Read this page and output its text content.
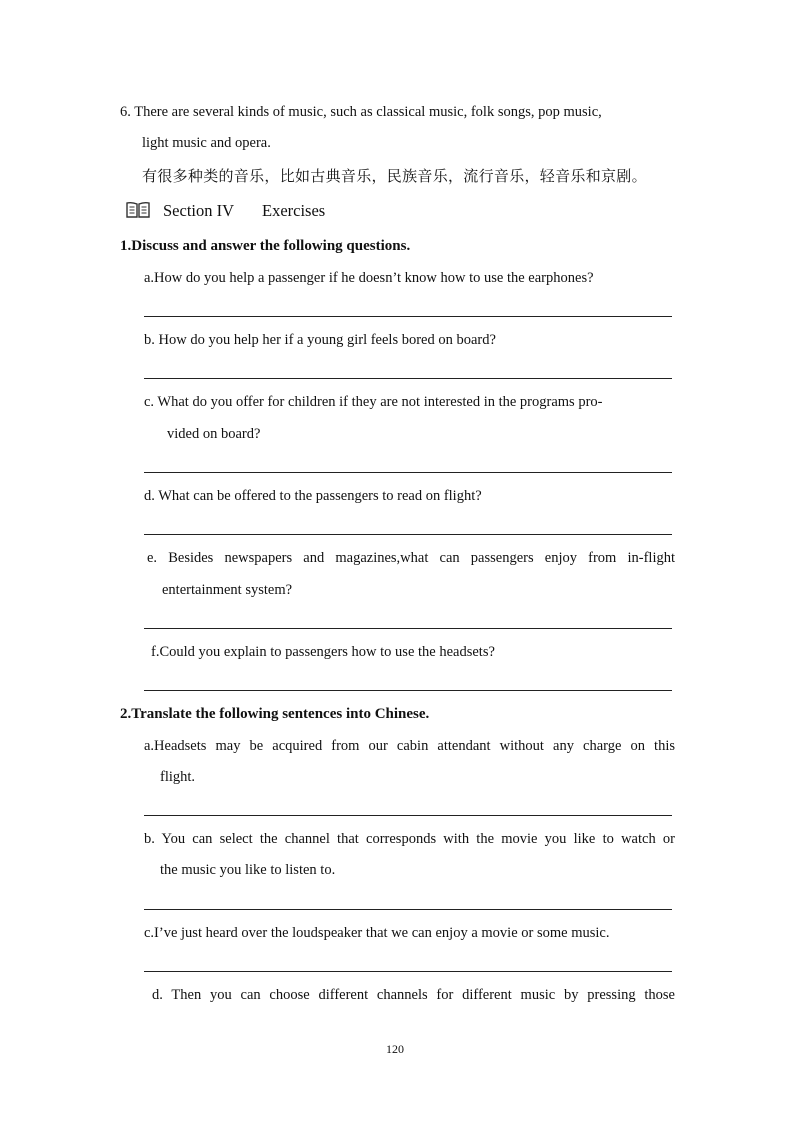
6. There are several kinds of music, such as classical music, folk songs, pop music,
light music and opera.
有很多种类的音乐，比如古典音乐，民族音乐，流行音乐，轻音乐和京剧。
Section IV Exercises
1.Discuss and answer the following questions.
a.How do you help a passenger if he doesn’t know how to use the earphones?
b. How do you help her if a young girl feels bored on board?
c. What do you offer for children if they are not interested in the programs pro-
vided on board?
d. What can be offered to the passengers to read on flight?
e. Besides newspapers and magazines,what can passengers enjoy from in-flight
entertainment system?
f.Could you explain to passengers how to use the headsets?
2.Translate the following sentences into Chinese.
a.Headsets may be acquired from our cabin attendant without any charge on this
flight.
b. You can select the channel that corresponds with the movie you like to watch or
the music you like to listen to.
c.I’ve just heard over the loudspeaker that we can enjoy a movie or some music.
d. Then you can choose different channels for different music by pressing those
120
